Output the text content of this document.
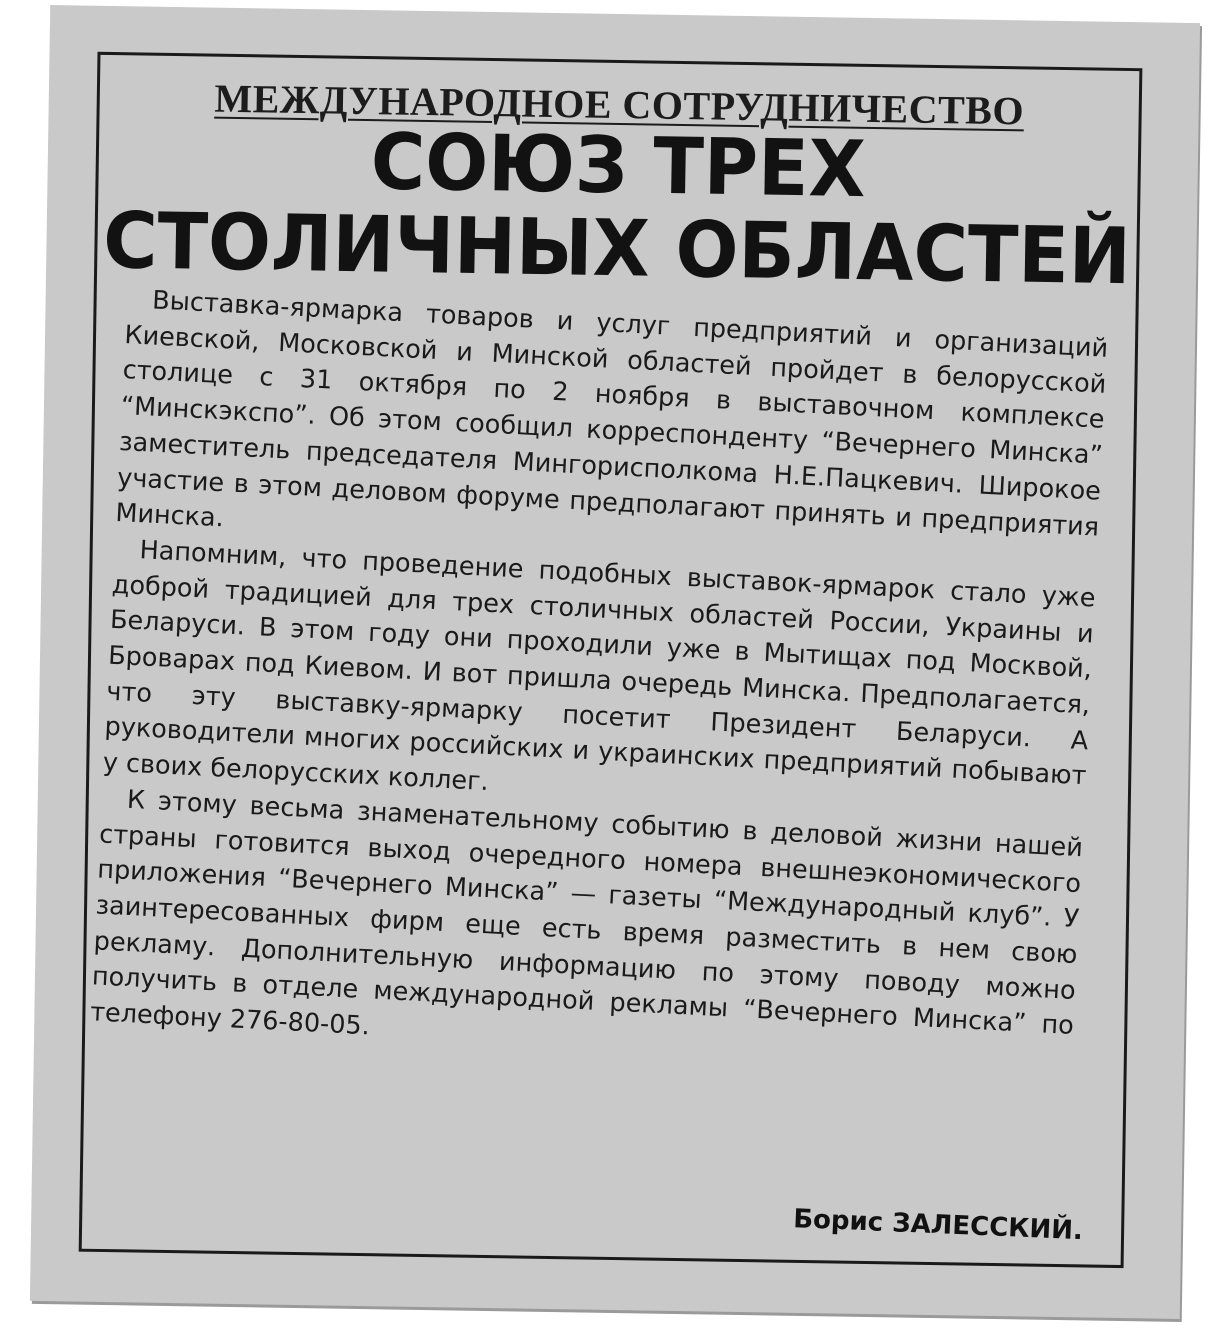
МЕЖДУНАРОДНОЕ СОТРУДНИЧЕСТВО
СОЮЗ ТРЕХ
СТОЛИЧНЫХ ОБЛАСТЕЙ

Выставка-ярмарка товаров и услуг предприятий и организаций Киевской, Московской и Минской областей пройдет в белорусской столице с 31 октября по 2 ноября в выставочном комплексе “Минскэкспо”. Об этом сообщил корреспонденту “Вечернего Минска” заместитель председателя Мингорисполкома Н.Е.Пацкевич. Широкое участие в этом деловом форуме предполагают принять и предприятия Минска.

Напомним, что проведение подобных выставок-ярмарок стало уже доброй традицией для трех столичных областей России, Украины и Беларуси. В этом году они проходили уже в Мытищах под Москвой, Броварах под Киевом. И вот пришла очередь Минска. Предполагается, что эту выставку-ярмарку посетит Президент Беларуси. А руководители многих российских и украинских предприятий побывают у своих белорусских коллег.

К этому весьма знаменательному событию в деловой жизни нашей страны готовится выход очередного номера внешнеэкономического приложения “Вечернего Минска” — газеты “Международный клуб”. У заинтересованных фирм еще есть время разместить в нем свою рекламу. Дополнительную информацию по этому поводу можно получить в отделе международной рекламы “Вечернего Минска” по телефону 276-80-05.

Борис ЗАЛЕССКИЙ.
